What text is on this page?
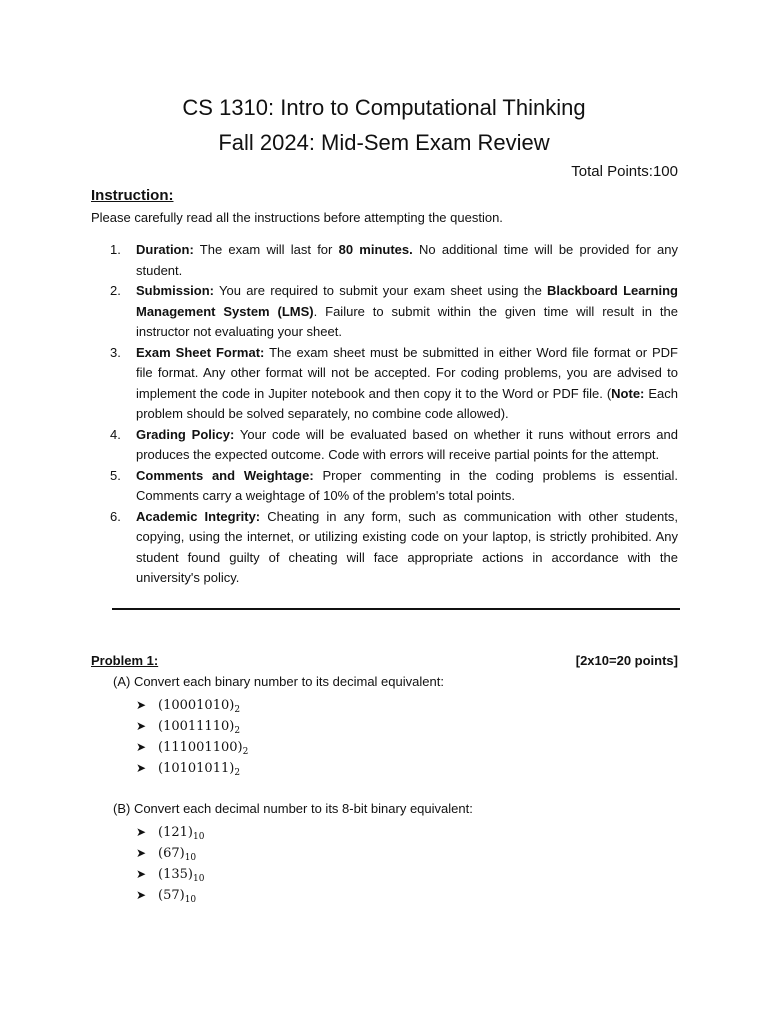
CS 1310: Intro to Computational Thinking
Fall 2024: Mid-Sem Exam Review
Total Points:100
Instruction:
Please carefully read all the instructions before attempting the question.
1. Duration: The exam will last for 80 minutes. No additional time will be provided for any student.
2. Submission: You are required to submit your exam sheet using the Blackboard Learning Management System (LMS). Failure to submit within the given time will result in the instructor not evaluating your sheet.
3. Exam Sheet Format: The exam sheet must be submitted in either Word file format or PDF file format. Any other format will not be accepted. For coding problems, you are advised to implement the code in Jupiter notebook and then copy it to the Word or PDF file. (Note: Each problem should be solved separately, no combine code allowed).
4. Grading Policy: Your code will be evaluated based on whether it runs without errors and produces the expected outcome. Code with errors will receive partial points for the attempt.
5. Comments and Weightage: Proper commenting in the coding problems is essential. Comments carry a weightage of 10% of the problem's total points.
6. Academic Integrity: Cheating in any form, such as communication with other students, copying, using the internet, or utilizing existing code on your laptop, is strictly prohibited. Any student found guilty of cheating will face appropriate actions in accordance with the university's policy.
Problem 1:	[2x10=20 points]
(A) Convert each binary number to its decimal equivalent:
➤ $(10001010)_2$
➤ $(10011110)_2$
➤ $(111001100)_2$
➤ $(10101011)_2$
(B) Convert each decimal number to its 8-bit binary equivalent:
➤ $(121)_{10}$
➤ $(67)_{10}$
➤ $(135)_{10}$
➤ $(57)_{10}$
